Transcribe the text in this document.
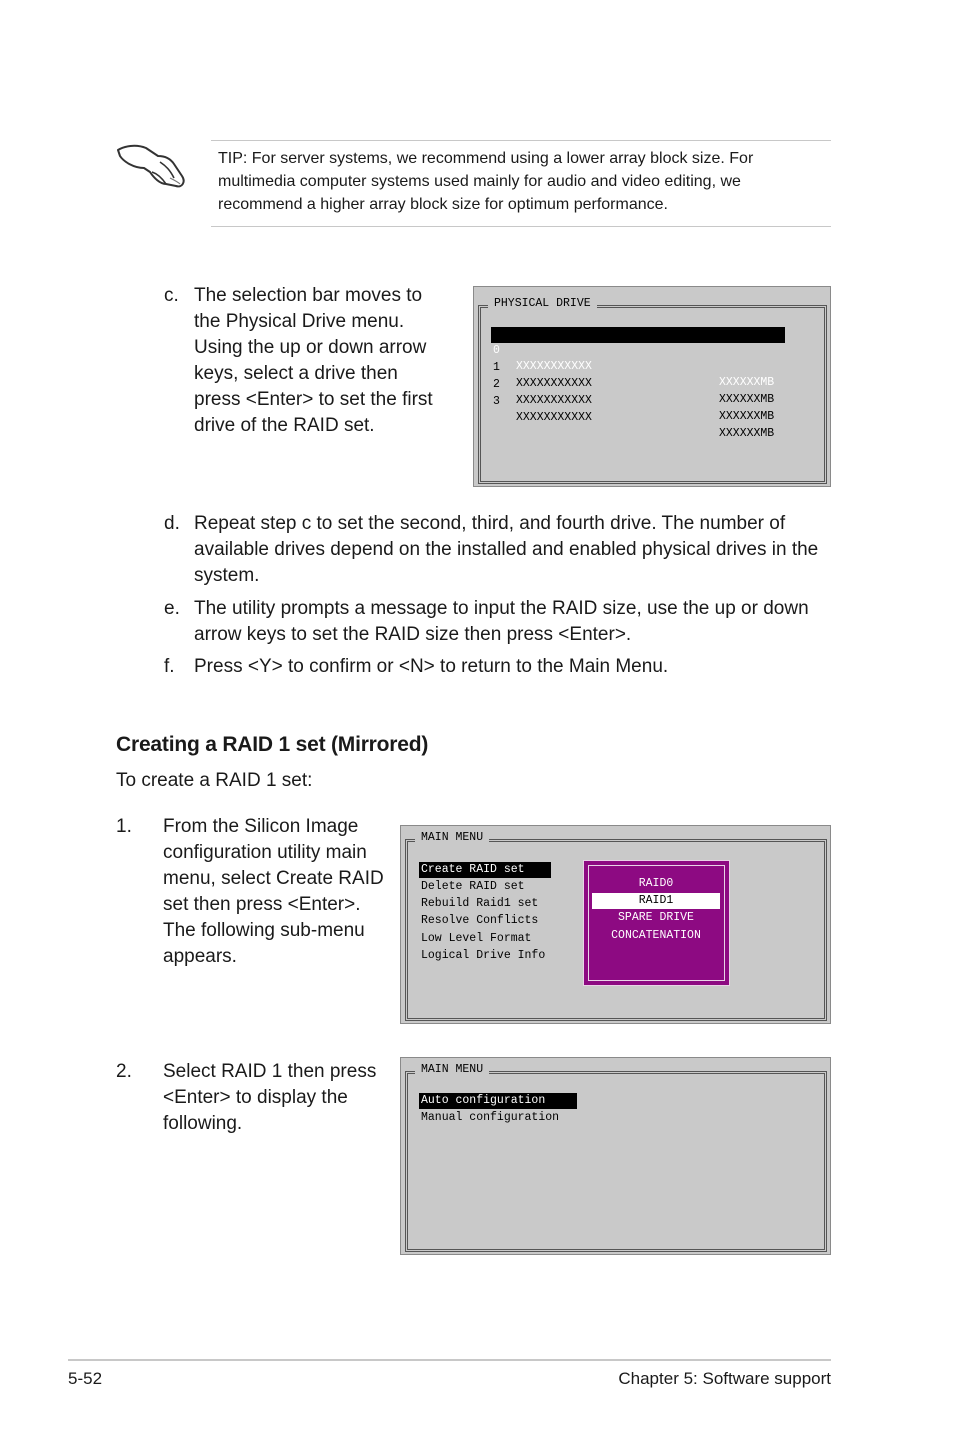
TIP: For server systems, we recommend using a lower array block size. For multimedia computer systems used mainly for audio and video editing, we recommend a higher array block size for optimum performance.
c. The selection bar moves to the Physical Drive menu. Using the up or down arrow keys, select a drive then press <Enter> to set the first drive of the RAID set.
PHYSICAL DRIVE

0

XXXXXXXXXXX

XXXXXXMB

1

XXXXXXXXXXX

XXXXXXMB

2

XXXXXXXXXXX

XXXXXXMB

3

XXXXXXXXXXX

XXXXXXMB

d. Repeat step c to set the second, third, and fourth drive. The number of available drives depend on the installed and enabled physical drives in the system.
e. The utility prompts a message to input the RAID size, use the up or down arrow keys to set the RAID size then press <Enter>.
f. Press <Y> to confirm or <N> to return to the Main Menu.
Creating a RAID 1 set (Mirrored)
To create a RAID 1 set:
1. From the Silicon Image configuration utility main menu, select Create RAID set then press <Enter>. The following sub-menu appears.
MAIN MENU
Create RAID set
Delete RAID set
Rebuild Raid1 set
Resolve Conflicts
Low Level Format
Logical Drive Info
RAID0
RAID1
SPARE DRIVE
CONCATENATION
2. Select RAID 1 then press <Enter> to display the following.
MAIN MENU
Auto configuration
Manual configuration
5-52	Chapter 5: Software support
